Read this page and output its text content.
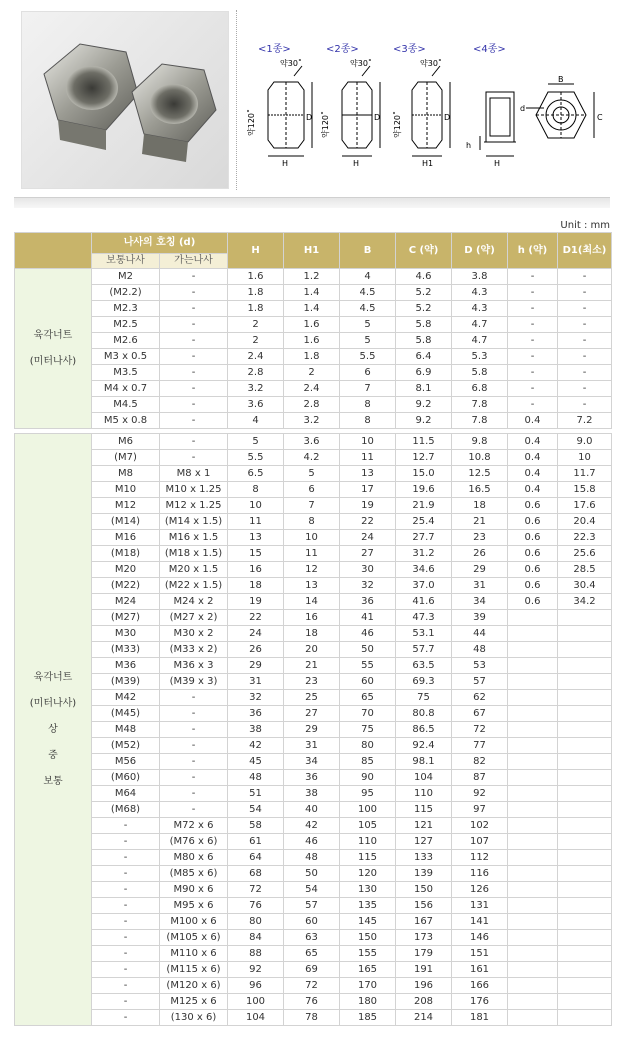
<1종>	<2종>	<3종>	<4종>
약30˚
약120˚	D
H
약30˚
약120˚	D
H
약30˚
약120˚	D
H1
h
H
B
C
d
Unit : mm
	나사의 호칭 (d)		H	H1	B	C (약)	D (약)	h (약)	D1(최소)
	보통나사	가는나사							

육각너트
(미터나사)	M2	-	1.6	1.2	4	4.6	3.8	-	-
	(M2.2)	-	1.8	1.4	4.5	5.2	4.3	-	-
	M2.3	-	1.8	1.4	4.5	5.2	4.3	-	-
	M2.5	-	2	1.6	5	5.8	4.7	-	-
	M2.6	-	2	1.6	5	5.8	4.7	-	-
	M3 x 0.5	-	2.4	1.8	5.5	6.4	5.3	-	-
	M3.5	-	2.8	2	6	6.9	5.8	-	-
	M4 x 0.7	-	3.2	2.4	7	8.1	6.8	-	-
	M4.5	-	3.6	2.8	8	9.2	7.8	-	-
	M5 x 0.8	-	4	3.2	8	9.2	7.8	0.4	7.2

육각너트
(미터나사)
상
중
보통	M6	-	5	3.6	10	11.5	9.8	0.4	9.0
	(M7)	-	5.5	4.2	11	12.7	10.8	0.4	10
	M8	M8 x 1	6.5	5	13	15.0	12.5	0.4	11.7
	M10	M10 x 1.25	8	6	17	19.6	16.5	0.4	15.8
	M12	M12 x 1.25	10	7	19	21.9	18	0.6	17.6
	(M14)	(M14 x 1.5)	11	8	22	25.4	21	0.6	20.4
	M16	M16 x 1.5	13	10	24	27.7	23	0.6	22.3
	(M18)	(M18 x 1.5)	15	11	27	31.2	26	0.6	25.6
	M20	M20 x 1.5	16	12	30	34.6	29	0.6	28.5
	(M22)	(M22 x 1.5)	18	13	32	37.0	31	0.6	30.4
	M24	M24 x 2	19	14	36	41.6	34	0.6	34.2
	(M27)	(M27 x 2)	22	16	41	47.3	39		
	M30	M30 x 2	24	18	46	53.1	44		
	(M33)	(M33 x 2)	26	20	50	57.7	48		
	M36	M36 x 3	29	21	55	63.5	53		
	(M39)	(M39 x 3)	31	23	60	69.3	57		
	M42	-	32	25	65	75	62		
	(M45)	-	36	27	70	80.8	67		
	M48	-	38	29	75	86.5	72		
	(M52)	-	42	31	80	92.4	77		
	M56	-	45	34	85	98.1	82		
	(M60)	-	48	36	90	104	87		
	M64	-	51	38	95	110	92		
	(M68)	-	54	40	100	115	97		
	-	M72 x 6	58	42	105	121	102		
	-	(M76 x 6)	61	46	110	127	107		
	-	M80 x 6	64	48	115	133	112		
	-	(M85 x 6)	68	50	120	139	116		
	-	M90 x 6	72	54	130	150	126		
	-	M95 x 6	76	57	135	156	131		
	-	M100 x 6	80	60	145	167	141		
	-	(M105 x 6)	84	63	150	173	146		
	-	M110 x 6	88	65	155	179	151		
	-	(M115 x 6)	92	69	165	191	161		
	-	(M120 x 6)	96	72	170	196	166		
	-	M125 x 6	100	76	180	208	176		
	-	(130 x 6)	104	78	185	214	181		
